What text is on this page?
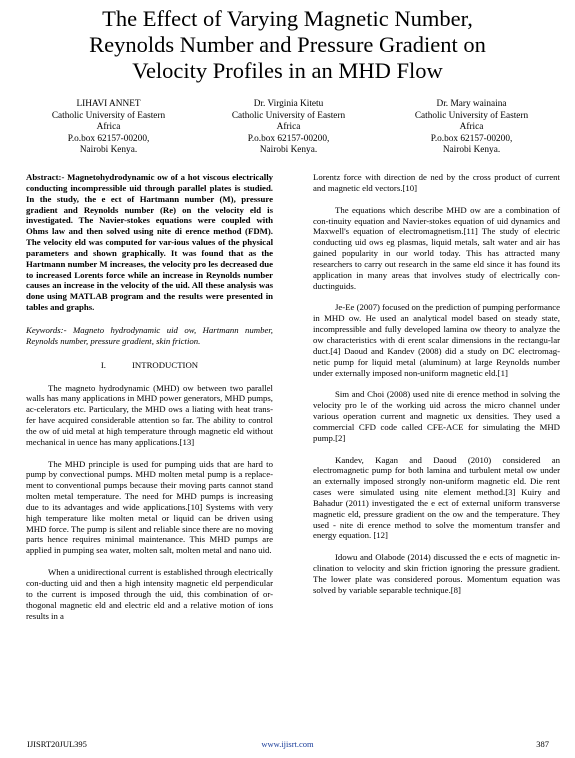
The Effect of Varying Magnetic Number,
Reynolds Number and Pressure Gradient on
Velocity Profiles in an MHD Flow
LIHAVI ANNET
Catholic University of Eastern
Africa
P.o.box 62157-00200,
Nairobi Kenya.
Dr. Virginia Kitetu
Catholic University of Eastern
Africa
P.o.box 62157-00200,
Nairobi Kenya.
Dr. Mary wainaina
Catholic University of Eastern
Africa
P.o.box 62157-00200,
Nairobi Kenya.

Abstract:- Magnetohydrodynamic ow of a hot viscous electrically conducting incompressible uid through parallel plates is studied. In the study, the e ect of Hartmann number (M), pressure gradient and Reynolds number (Re) on the velocity eld is investigated. The Navier-stokes equations were coupled with Ohms law and then solved using nite di erence method (FDM). The velocity eld was computed for var-ious values of the physical parameters and shown graphically. It was found that as the Hartmann number M increases, the velocity pro les decreased due to increased Lorents force while an increase in Reynolds number causes an increase in the velocity of the uid. All these analysis was done using MATLAB program and the results were presented in tables and graphs.

Keywords:- Magneto hydrodynamic uid ow, Hartmann number, Reynolds number, pressure gradient, skin friction.

I.	INTRODUCTION

The magneto hydrodynamic (MHD) ow between two parallel walls has many applications in MHD power generators, MHD pumps, ac-celerators etc. Particulary, the MHD ows a liating with heat trans-fer have acquired considerable attention so far. The ability to control the ow of uid metal at high temperature through magnetic eld without mechanical in uence has many applications.[13]

The MHD principle is used for pumping uids that are hard to pump by convectional pumps. MHD molten metal pump is a replace-ment to conventional pumps because their moving parts cannot stand molten metal temperature. The need for MHD pumps is increasing due to its advantages and wide applications.[10] Systems with very high temperature like molten metal or liquid can be driven using MHD force. The pump is silent and reliable since there are no moving parts hence requires minimal maintenance. This MHD pumps are applied in pumping sea water, molten salt, molten metal and nano uid.

When a unidirectional current is established through electrically con-ducting uid and then a high intensity magnetic eld perpendicular to the current is imposed through the uid, this combination of or-thogonal magnetic eld and electric eld and a relative motion of ions results in a

Lorentz force with direction de ned by the cross product of current and magnetic eld vectors.[10]

The equations which describe MHD ow are a combination of con-tinuity equation and Navier-stokes equation of uid dynamics and Maxwell's equation of electromagnetism.[11] The study of electric conducting uid ows eg plasmas, liquid metals, salt water and air has gained popularity in our world today. This has attracted many researchers to carry out research in the same eld since it has found its application in many areas that involves study of electrically con-ductinguids.

Je-Ee (2007) focused on the prediction of pumping performance in MHD ow. He used an analytical model based on steady state, incompressible and fully developed lamina ow theory to analyze the ow characteristics with di erent scalar dimensions in the rectangu-lar duct.[4] Daoud and Kandev (2008) did a study on DC electromag-netic pump for liquid metal (aluminum) at large Reynolds number under externally imposed non-uniform magnetic eld.[1]

Sim and Choi (2008) used nite di erence method in solving the velocity pro le of the working uid across the micro channel under various operation current and magnetic ux densities. They used a commercial CFD code called CFE-ACE for simulating the MHD pump.[2]

Kandev, Kagan and Daoud (2010) considered an electromagnetic pump for both lamina and turbulent metal ow under an externally imposed strongly non-uniform magnetic eld. Die rent cases were simulated using nite element method.[3] Kuiry and Bahadur (2011) investigated the e ect of external uniform transverse magnetic eld, pressure gradient on the ow and the temperature. They used - nite di erence method to solve the momentum transfer and energy equation. [12]

Idowu and Olabode (2014) discussed the e ects of magnetic in-clination to velocity and skin friction ignoring the pressure gradient. The lower plate was considered porous. Momentum equation was solved by variable separable technique.[8]

IJISRT20JUL395	www.ijisrt.com	387
